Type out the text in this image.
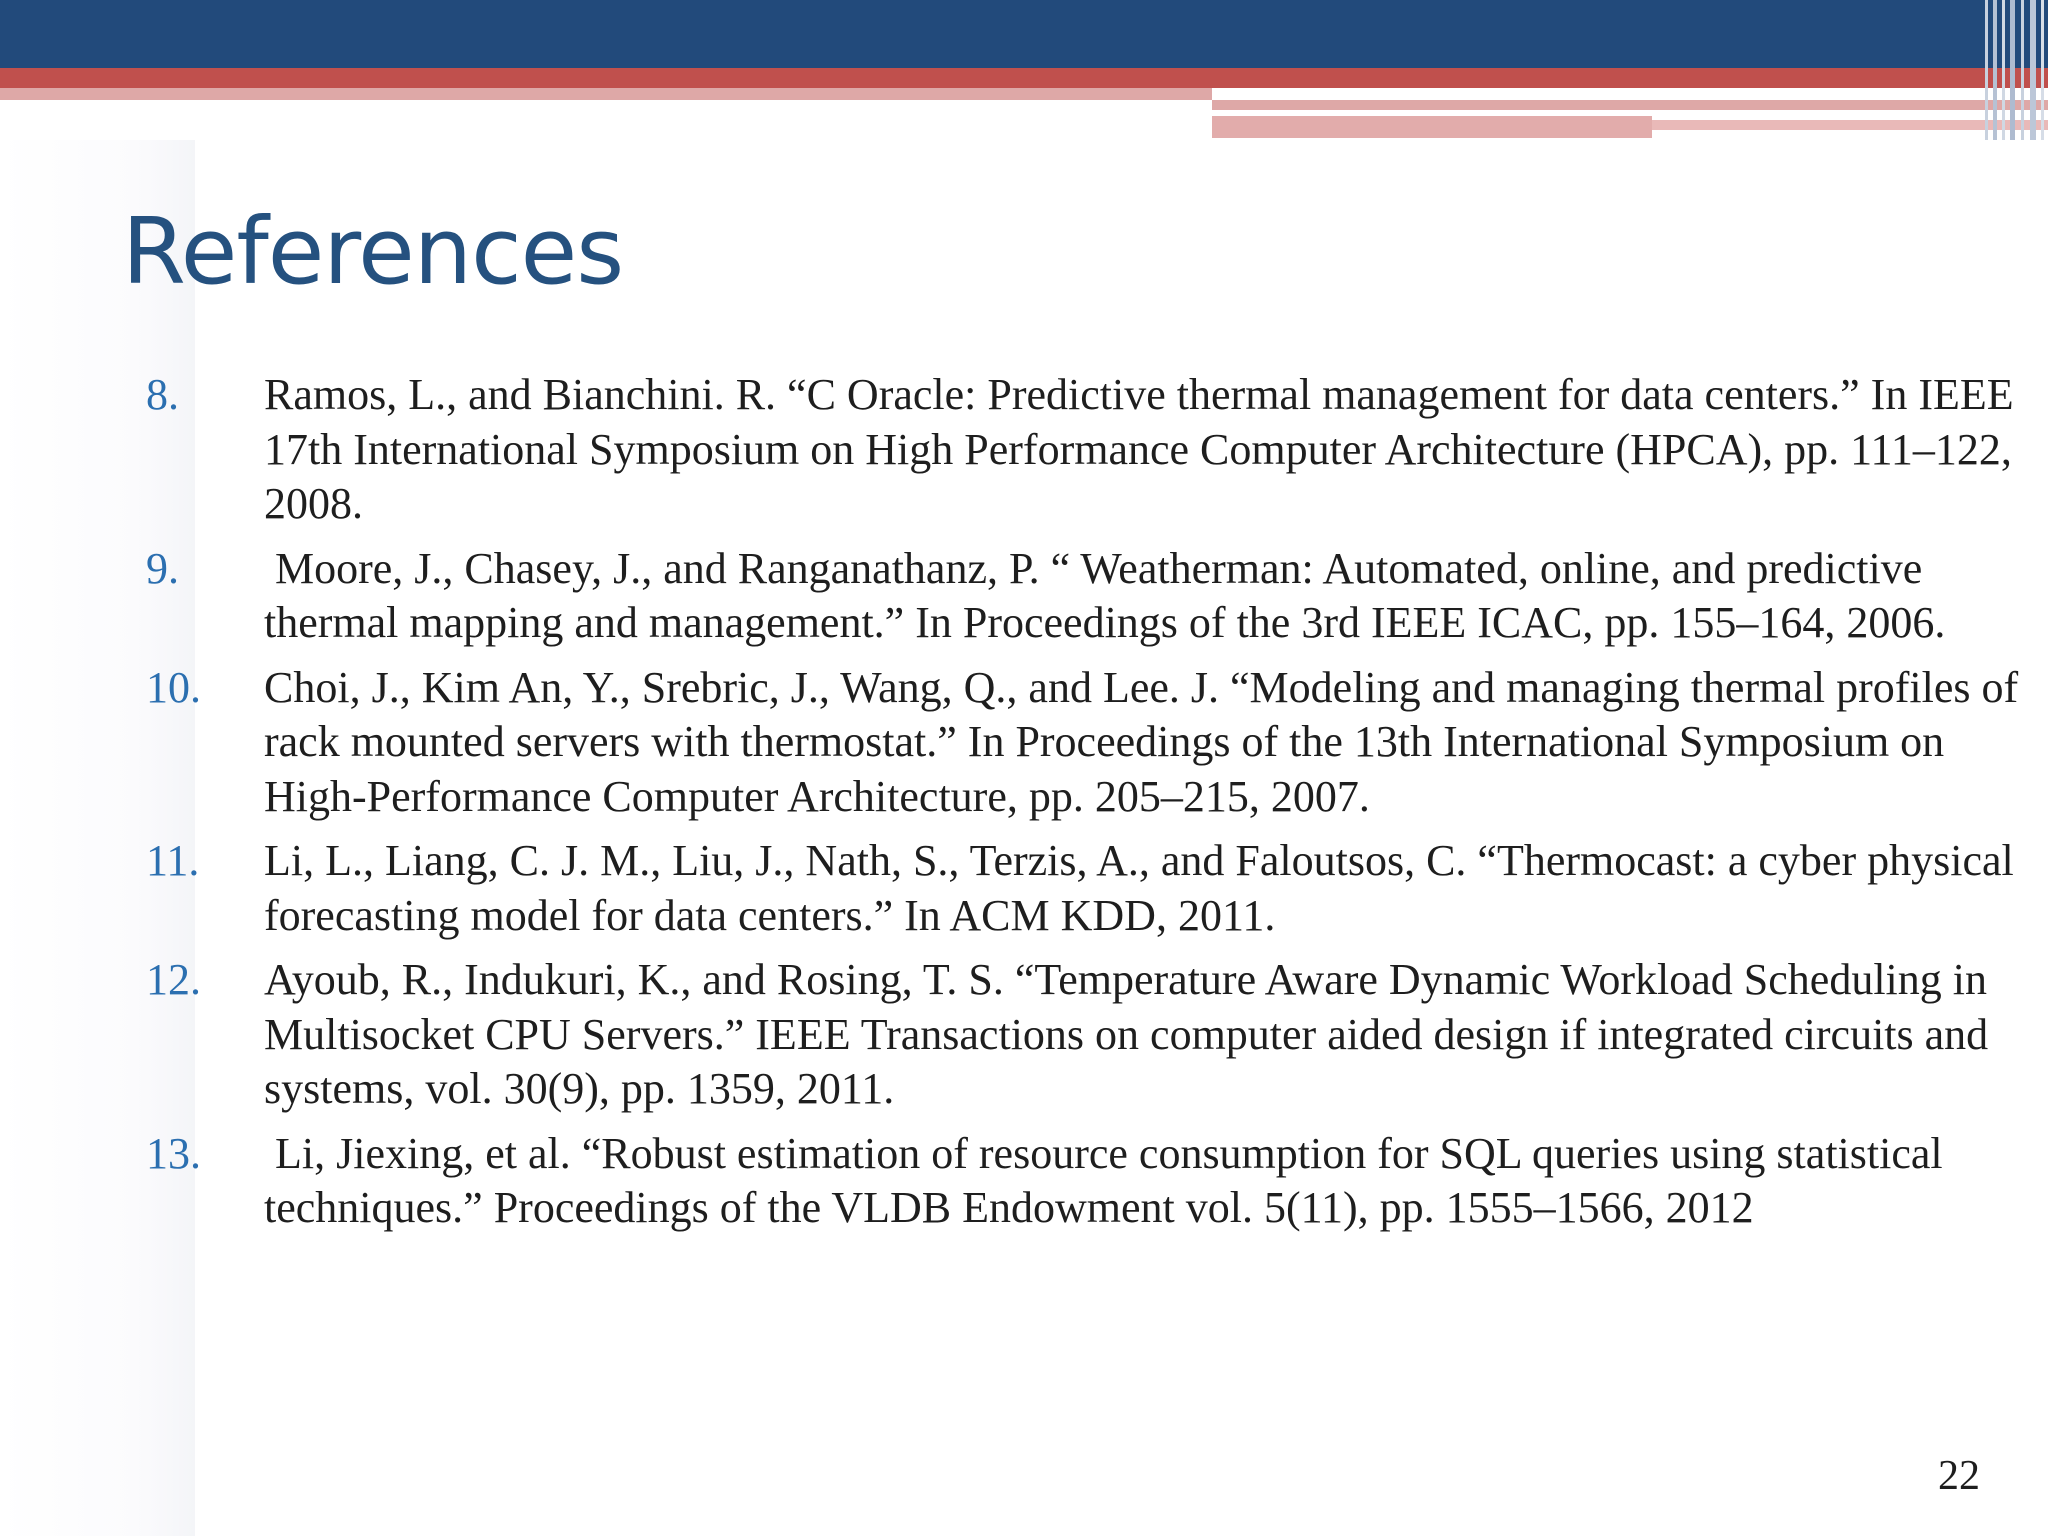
References
8. Ramos, L., and Bianchini. R. “C Oracle: Predictive thermal management for data centers.” In IEEE 17th International Symposium on High Performance Computer Architecture (HPCA), pp. 111–122, 2008.
9. Moore, J., Chasey, J., and Ranganathanz, P. “ Weatherman: Automated, online, and predictive thermal mapping and management.” In Proceedings of the 3rd IEEE ICAC, pp. 155–164, 2006.
10. Choi, J., Kim An, Y., Srebric, J., Wang, Q., and Lee. J. “Modeling and managing thermal profiles of rack mounted servers with thermostat.” In Proceedings of the 13th International Symposium on High-Performance Computer Architecture, pp. 205–215, 2007.
11. Li, L., Liang, C. J. M., Liu, J., Nath, S., Terzis, A., and Faloutsos, C. “Thermocast: a cyber physical forecasting model for data centers.” In ACM KDD, 2011.
12. Ayoub, R., Indukuri, K., and Rosing, T. S. “Temperature Aware Dynamic Workload Scheduling in Multisocket CPU Servers.” IEEE Transactions on computer aided design if integrated circuits and systems, vol. 30(9), pp. 1359, 2011.
13. Li, Jiexing, et al. “Robust estimation of resource consumption for SQL queries using statistical techniques.” Proceedings of the VLDB Endowment vol. 5(11), pp. 1555–1566, 2012
22
